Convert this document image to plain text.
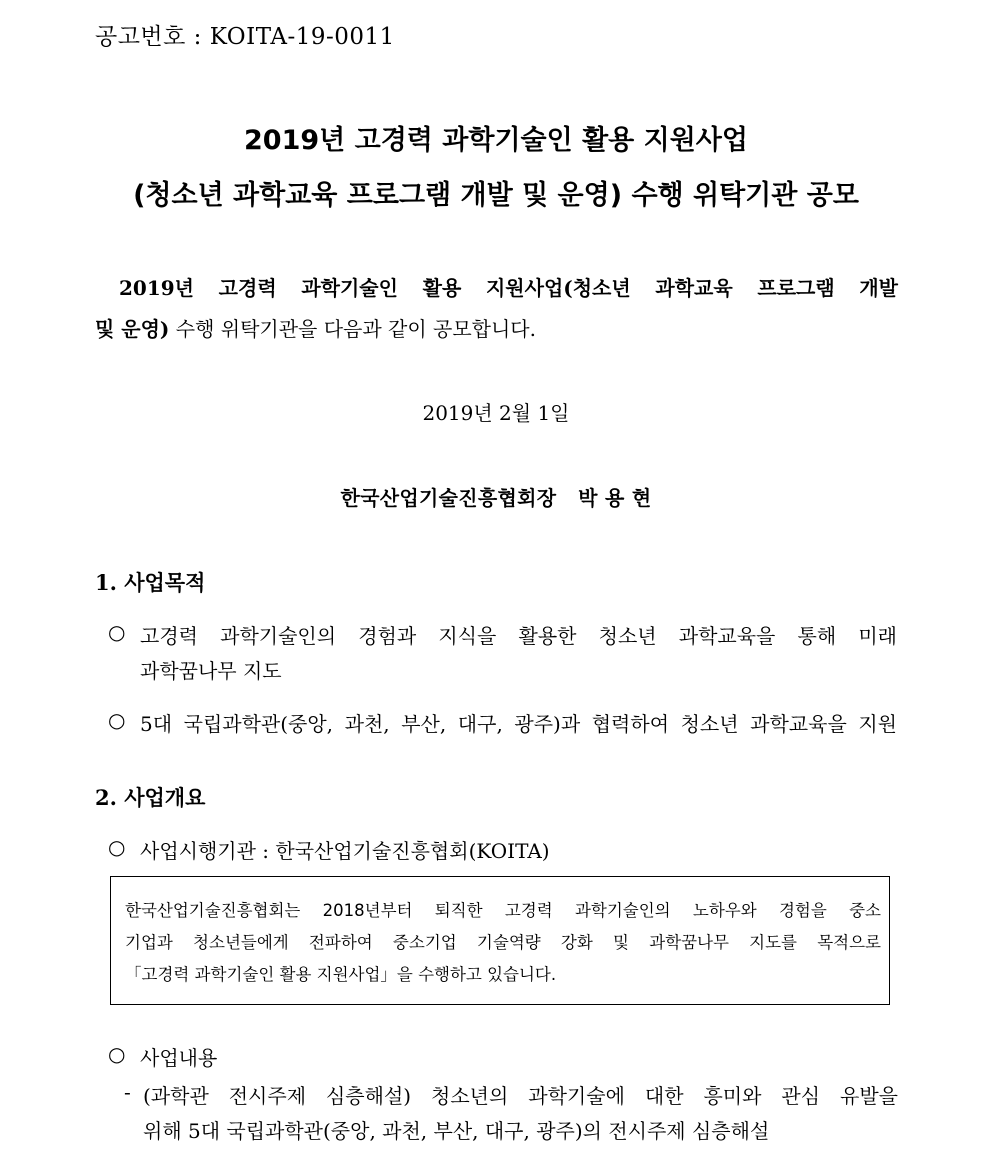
공고번호 : KOITA-19-0011

2019년 고경력 과학기술인 활용 지원사업
(청소년 과학교육 프로그램 개발 및 운영) 수행 위탁기관 공모

2019년 고경력 과학기술인 활용 지원사업(청소년 과학교육 프로그램 개발

및 운영) 수행 위탁기관을 다음과 같이 공모합니다.

2019년 2월 1일

한국산업기술진흥협회장   박 용 현

1. 사업목적
○ 고경력 과학기술인의 경험과 지식을 활용한 청소년 과학교육을 통해 미래

과학꿈나무 지도

○ 5대 국립과학관(중앙, 과천, 부산, 대구, 광주)과 협력하여 청소년 과학교육을 지원

2. 사업개요
○ 사업시행기관 : 한국산업기술진흥협회(KOITA)

한국산업기술진흥협회는 2018년부터 퇴직한 고경력 과학기술인의 노하우와 경험을 중소
기업과 청소년들에게 전파하여 중소기업 기술역량 강화 및 과학꿈나무 지도를 목적으로
「고경력 과학기술인 활용 지원사업」을 수행하고 있습니다.
○ 사업내용

- (과학관 전시주제 심층해설) 청소년의 과학기술에 대한 흥미와 관심 유발을

위해 5대 국립과학관(중앙, 과천, 부산, 대구, 광주)의 전시주제 심층해설
